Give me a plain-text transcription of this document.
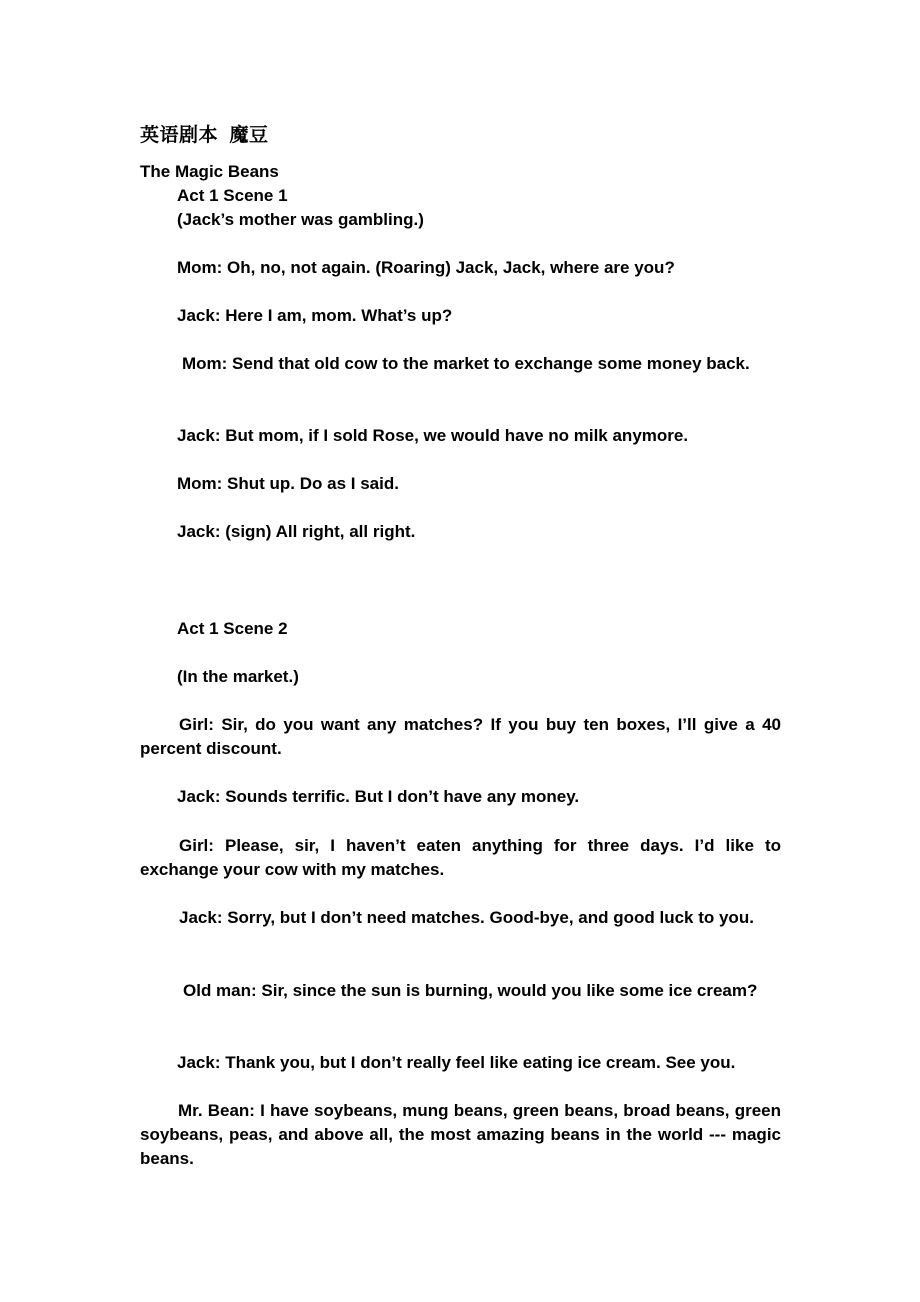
英语剧本  魔豆
The Magic Beans
Act 1 Scene 1
(Jack’s mother was gambling.)
Mom: Oh, no, not again. (Roaring) Jack, Jack, where are you?
Jack: Here I am, mom. What’s up?
Mom: Send that old cow to the market to exchange some money back.
Jack: But mom, if I sold Rose, we would have no milk anymore.
Mom: Shut up. Do as I said.
Jack: (sign) All right, all right.
Act 1 Scene 2
(In the market.)
Girl: Sir, do you want any matches? If you buy ten boxes, I’ll give a 40 percent discount.
Jack: Sounds terrific. But I don’t have any money.
Girl: Please, sir, I haven’t eaten anything for three days. I’d like to exchange your cow with my matches.
Jack: Sorry, but I don’t need matches. Good-bye, and good luck to you.
Old man: Sir, since the sun is burning, would you like some ice cream?
Jack: Thank you, but I don’t really feel like eating ice cream. See you.
Mr. Bean: I have soybeans, mung beans, green beans, broad beans, green soybeans, peas, and above all, the most amazing beans in the world --- magic beans.
